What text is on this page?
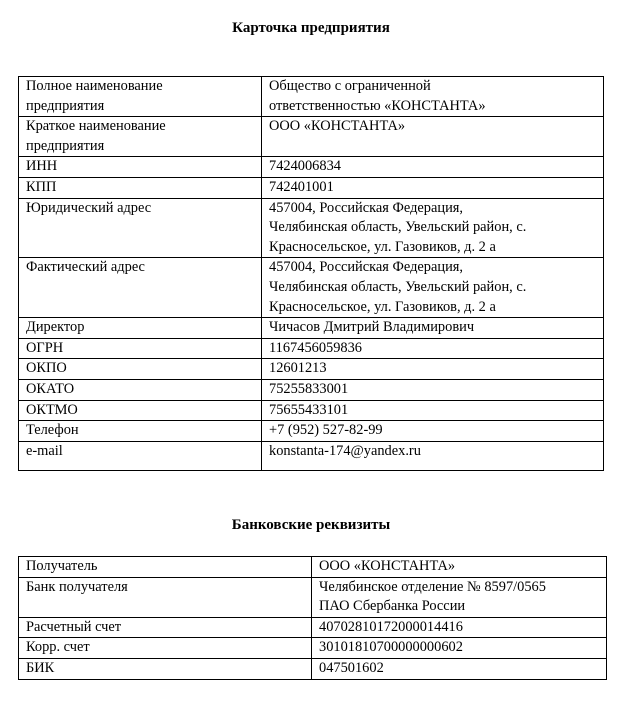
Карточка предприятия
Полное наименование
предприятия	Общество с ограниченной
ответственностью «КОНСТАНТА»
Краткое наименование
предприятия	ООО «КОНСТАНТА»
ИНН	7424006834
КПП	742401001
Юридический адрес	457004, Российская Федерация,
Челябинская область, Увельский район, с.
Красносельское, ул. Газовиков, д. 2 а
Фактический адрес	457004, Российская Федерация,
Челябинская область, Увельский район, с.
Красносельское, ул. Газовиков, д. 2 а
Директор	Чичасов Дмитрий Владимирович
ОГРН	1167456059836
ОКПО	12601213
ОКАТО	75255833001
ОКТМО	75655433101
Телефон	+7 (952) 527-82-99
e-mail	konstanta-174@yandex.ru
Банковские реквизиты
Получатель	ООО «КОНСТАНТА»
Банк получателя	Челябинское отделение № 8597/0565
ПАО Сбербанка России
Расчетный счет	40702810172000014416
Корр. счет	30101810700000000602
БИК	047501602
